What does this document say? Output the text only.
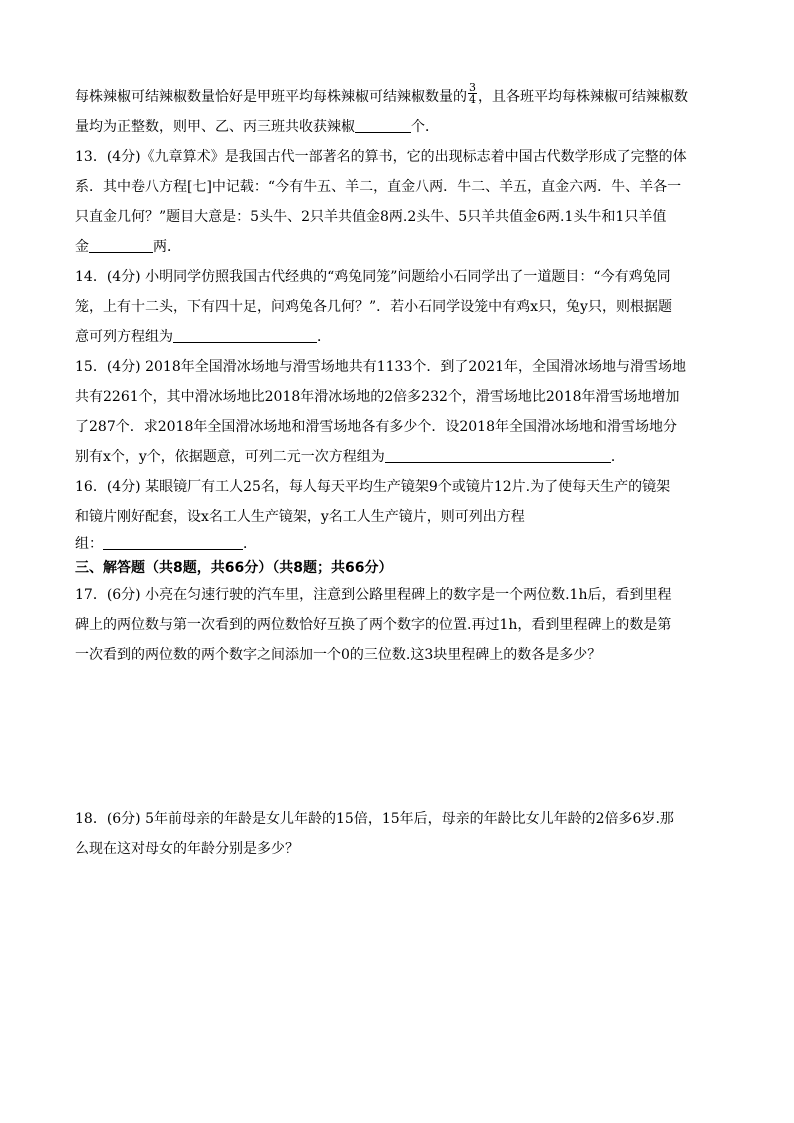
每株辣椒可结辣椒数量恰好是甲班平均每株辣椒可结辣椒数量的 $\frac{3}{4}$ ，且各班平均每株辣椒可结辣椒数
量均为正整数，则甲、乙、丙三班共收获辣椒	个．
13．(4分)《九章算术》是我国古代一部著名的算书，它的出现标志着中国古代数学形成了完整的体
系．其中卷八方程[七]中记载：“今有牛五、羊二，直金八两．牛二、羊五，直金六两．牛、羊各一
只直金几何？”题目大意是：5头牛、2只羊共值金8两.2头牛、5只羊共值金6两.1头牛和1只羊值
金	两．
14．(4分) 小明同学仿照我国古代经典的“鸡兔同笼”问题给小石同学出了一道题目：“今有鸡兔同
笼，上有十二头，下有四十足，问鸡兔各几何？”．若小石同学设笼中有鸡x只，兔y只，则根据题
意可列方程组为	．
15．(4分) 2018年全国滑冰场地与滑雪场地共有1133个．到了2021年，全国滑冰场地与滑雪场地
共有2261个，其中滑冰场地比2018年滑冰场地的2倍多232个，滑雪场地比2018年滑雪场地增加
了287个．求2018年全国滑冰场地和滑雪场地各有多少个．设2018年全国滑冰场地和滑雪场地分
别有x个，y个，依据题意，可列二元一次方程组为	．
16．(4分) 某眼镜厂有工人25名，每人每天平均生产镜架9个或镜片12片.为了使每天生产的镜架
和镜片刚好配套，设x名工人生产镜架，y名工人生产镜片，则可列出方程
组：	．
三、解答题（共8题，共66分）（共8题；共66分）
17．(6分) 小亮在匀速行驶的汽车里，注意到公路里程碑上的数字是一个两位数.1h后，看到里程
碑上的两位数与第一次看到的两位数恰好互换了两个数字的位置.再过1h，看到里程碑上的数是第
一次看到的两位数的两个数字之间添加一个0的三位数.这3块里程碑上的数各是多少？
18．(6分) 5年前母亲的年龄是女儿年龄的15倍，15年后，母亲的年龄比女儿年龄的2倍多6岁.那
么现在这对母女的年龄分别是多少？
